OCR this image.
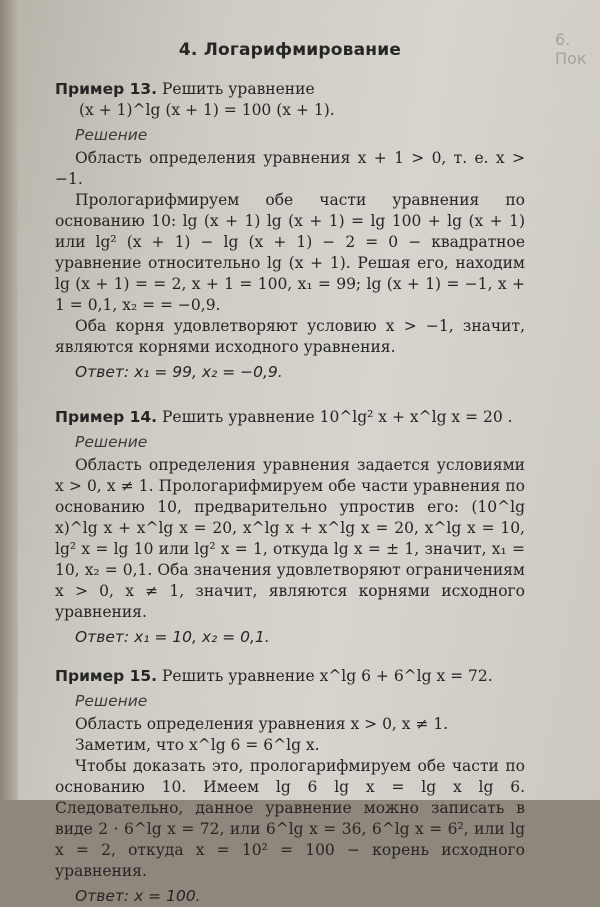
6. Пок
4. Логарифмирование
Пример 13. Решить уравнение
(x + 1)^lg (x + 1) = 100 (x + 1).
Решение

Область определения уравнения x + 1 > 0, т. е. x > −1.

Прологарифмируем обе части уравнения по основанию 10: lg (x + 1) lg (x + 1) = lg 100 + lg (x + 1) или lg² (x + 1) − lg (x + 1) − 2 = 0 − квадратное уравнение относительно lg (x + 1). Решая его, находим lg (x + 1) = = 2, x + 1 = 100, x₁ = 99; lg (x + 1) = −1, x + 1 = 0,1, x₂ = = −0,9.

Оба корня удовлетворяют условию x > −1, значит, являются корнями исходного уравнения.

Ответ: x₁ = 99, x₂ = −0,9.
Пример 14. Решить уравнение 10^lg² x + x^lg x = 20 .
Решение

Область определения уравнения задается условиями x > 0, x ≠ 1. Прологарифмируем обе части уравнения по основанию 10, предварительно упростив его: (10^lg x)^lg x + x^lg x = 20, x^lg x + x^lg x = 20, x^lg x = 10, lg² x = lg 10 или lg² x = 1, откуда lg x = ± 1, значит, x₁ = 10, x₂ = 0,1. Оба значения удовлетворяют ограничениям x > 0, x ≠ 1, значит, являются корнями исходного уравнения.

Ответ: x₁ = 10, x₂ = 0,1.
Пример 15. Решить уравнение x^lg 6 + 6^lg x = 72.
Решение

Область определения уравнения x > 0, x ≠ 1.

Заметим, что x^lg 6 = 6^lg x.

Чтобы доказать это, прологарифмируем обе части по основанию 10. Имеем lg 6 lg x = lg x lg 6. Следовательно, данное уравнение можно записать в виде 2 · 6^lg x = 72, или 6^lg x = 36, 6^lg x = 6², или lg x = 2, откуда x = 10² = 100 − корень исходного уравнения.

Ответ: x = 100.
